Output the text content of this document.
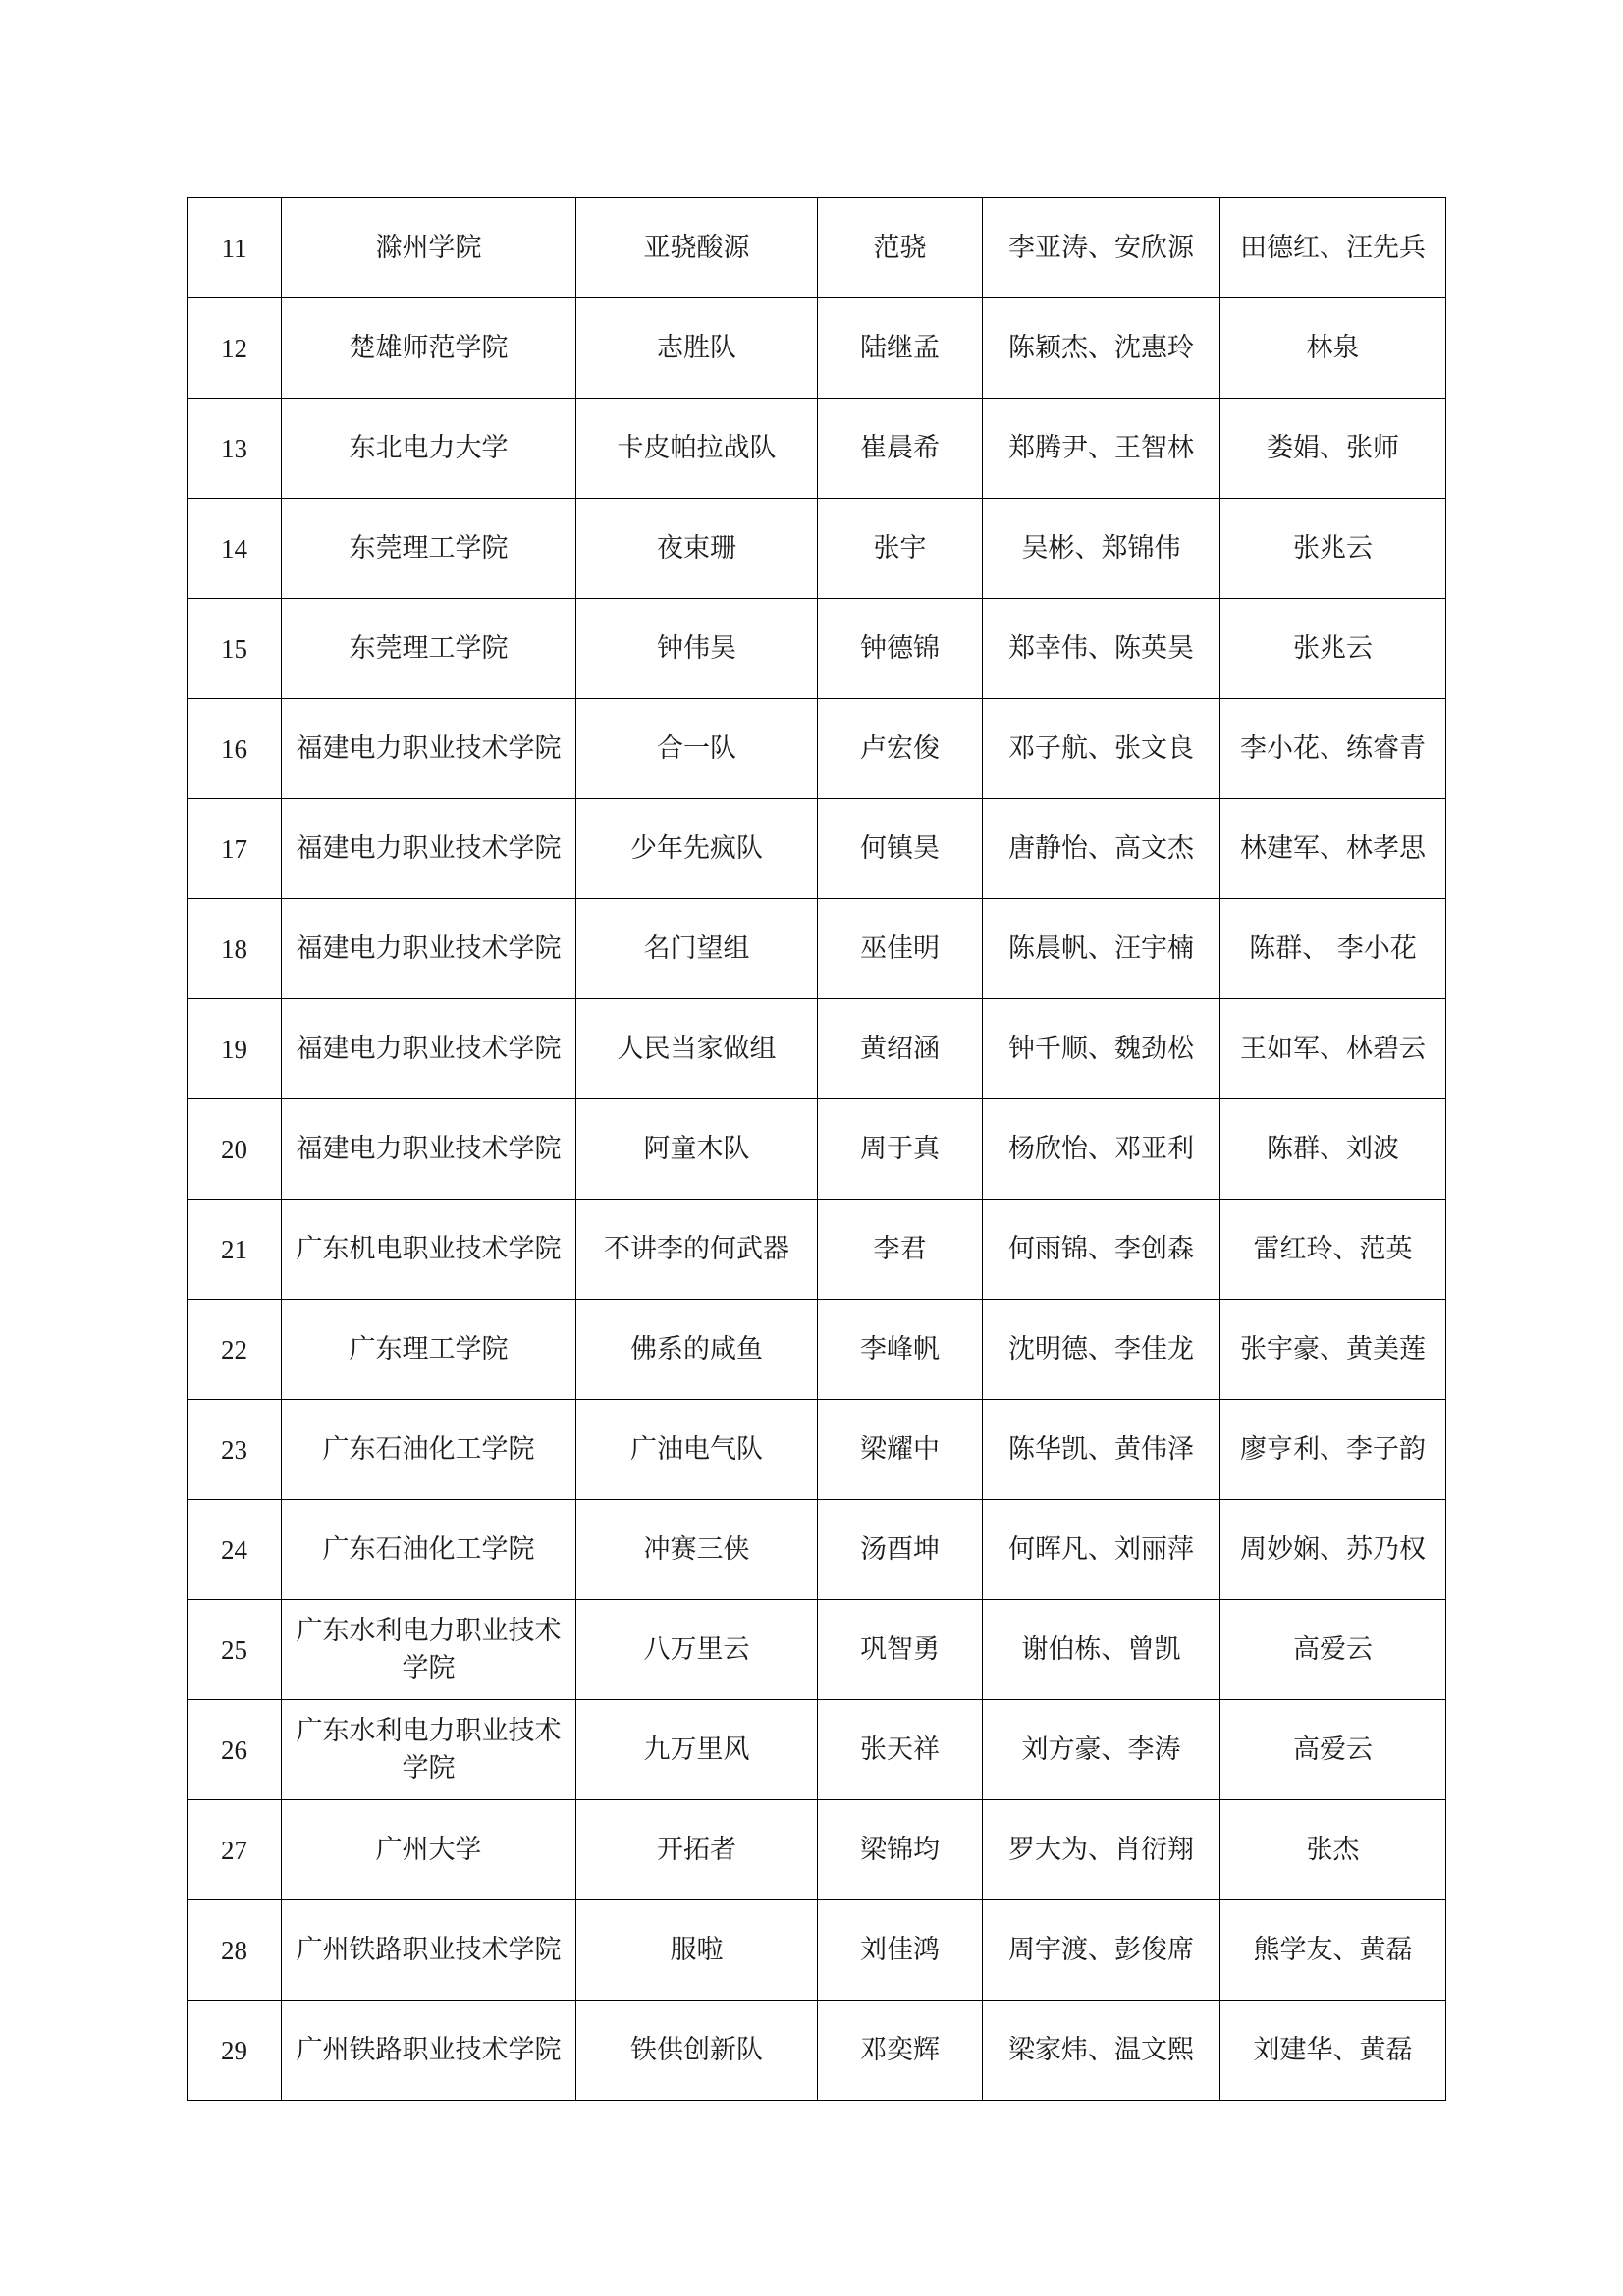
11	滁州学院	亚骁酸源	范骁	李亚涛、安欣源	田德红、汪先兵
12	楚雄师范学院	志胜队	陆继孟	陈颖杰、沈惠玲	林泉
13	东北电力大学	卡皮帕拉战队	崔晨希	郑腾尹、王智林	娄娟、张师
14	东莞理工学院	夜束珊	张宇	吴彬、郑锦伟	张兆云
15	东莞理工学院	钟伟昊	钟德锦	郑幸伟、陈英昊	张兆云
16	福建电力职业技术学院	合一队	卢宏俊	邓子航、张文良	李小花、练睿青
17	福建电力职业技术学院	少年先疯队	何镇昊	唐静怡、高文杰	林建军、林孝思
18	福建电力职业技术学院	名门望组	巫佳明	陈晨帆、汪宇楠	陈群、 李小花
19	福建电力职业技术学院	人民当家做组	黄绍涵	钟千顺、魏劲松	王如军、林碧云
20	福建电力职业技术学院	阿童木队	周于真	杨欣怡、邓亚利	陈群、刘波
21	广东机电职业技术学院	不讲李的何武器	李君	何雨锦、李创森	雷红玲、范英
22	广东理工学院	佛系的咸鱼	李峰帆	沈明德、李佳龙	张宇豪、黄美莲
23	广东石油化工学院	广油电气队	梁耀中	陈华凯、黄伟泽	廖亨利、李子韵
24	广东石油化工学院	冲赛三侠	汤酉坤	何晖凡、刘丽萍	周妙娴、苏乃权
25	广东水利电力职业技术学院	八万里云	巩智勇	谢伯栋、曾凯	高爱云
26	广东水利电力职业技术学院	九万里风	张天祥	刘方豪、李涛	高爱云
27	广州大学	开拓者	梁锦均	罗大为、肖衍翔	张杰
28	广州铁路职业技术学院	服啦	刘佳鸿	周宇渡、彭俊席	熊学友、黄磊
29	广州铁路职业技术学院	铁供创新队	邓奕辉	梁家炜、温文熙	刘建华、黄磊
